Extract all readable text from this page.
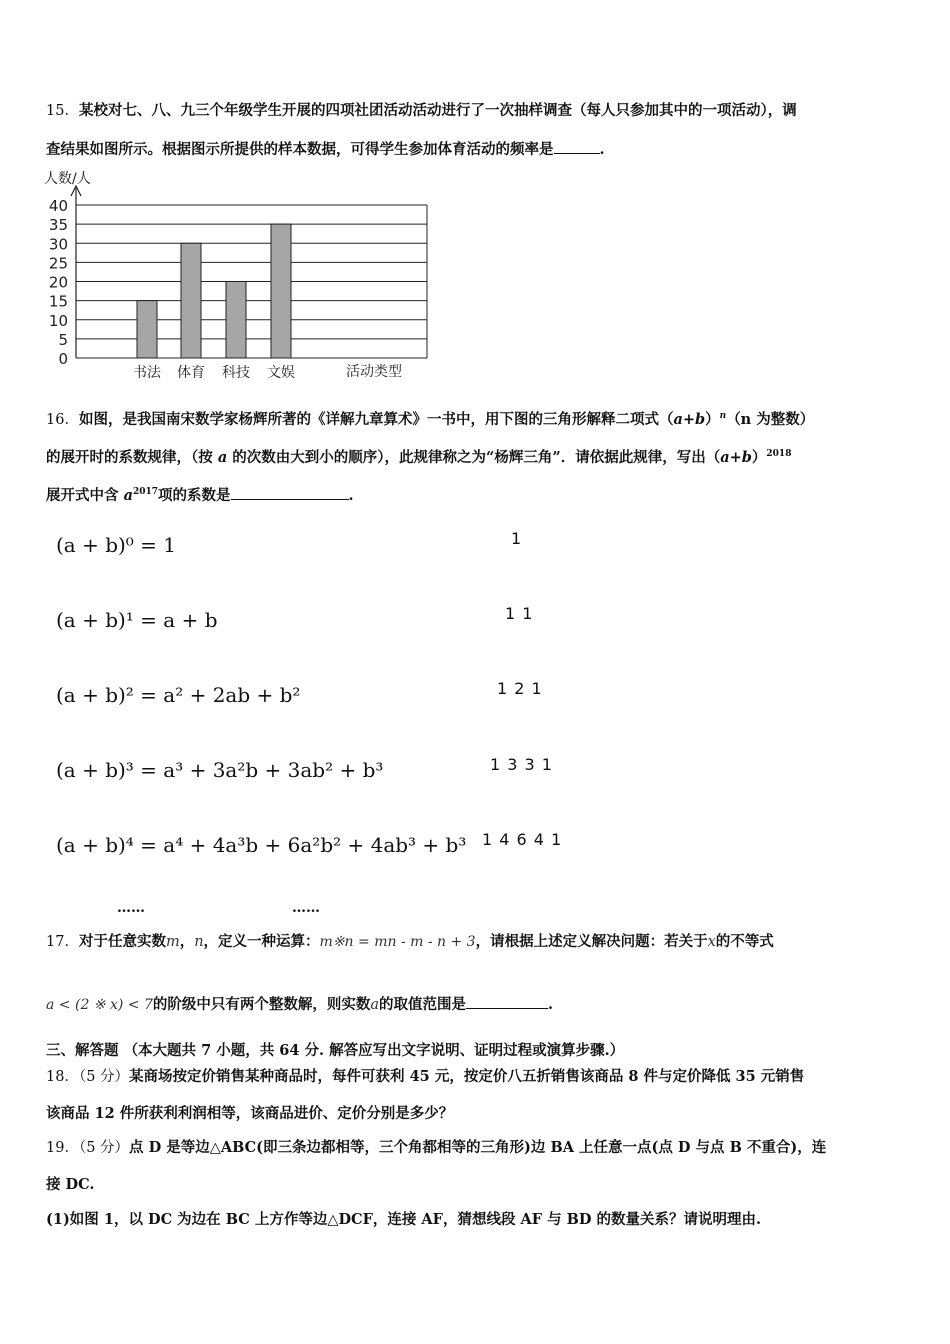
15．某校对七、八、九三个年级学生开展的四项社团活动活动进行了一次抽样调查（每人只参加其中的一项活动），调
查结果如图所示。根据图示所提供的样本数据，可得学生参加体育活动的频率是	.
人数/人
活动类型
0
5
10
15
20
25
30
35
40
书法 体育 科技 文娱
16．如图，是我国南宋数学家杨辉所著的《详解九章算术》一书中，用下图的三角形解释二项式$(a+b)^n(n$ 为整数）
的展开时的系数规律，（按 a 的次数由大到小的顺序），此规律称之为“杨辉三角”．请依据此规律，写出$(a+b)^{2018}$
展开式中含 $a^{2017}$项的系数是	.
(a + b)⁰ = 1
(a + b)¹ = a + b
(a + b)² = a² + 2ab + b²
(a + b)³ = a³ + 3a²b + 3ab² + b³
(a + b)⁴ = a⁴ + 4a³b + 6a²b² + 4ab³ + b³
1
1 1
1 2 1
1 3 3 1
1 4 6 4 1
……	……
17．对于任意实数m，n，定义一种运算：m※n = mn - m - n + 3，请根据上述定义解决问题：若关于x的不等式
a < (2 ※ x) < 7的阶级中只有两个整数解，则实数a的取值范围是	.
三、解答题 （本大题共 7 小题，共 64 分. 解答应写出文字说明、证明过程或演算步骤.）
18．（5 分）某商场按定价销售某种商品时，每件可获利 45 元，按定价八五折销售该商品 8 件与定价降低 35 元销售
该商品 12 件所获利利润相等，该商品进价、定价分别是多少？
19．（5 分）点 D 是等边△ABC(即三条边都相等，三个角都相等的三角形)边 BA 上任意一点(点 D 与点 B 不重合)，连
接 DC.
(1)如图 1，以 DC 为边在 BC 上方作等边△DCF，连接 AF，猜想线段 AF 与 BD 的数量关系？请说明理由.
